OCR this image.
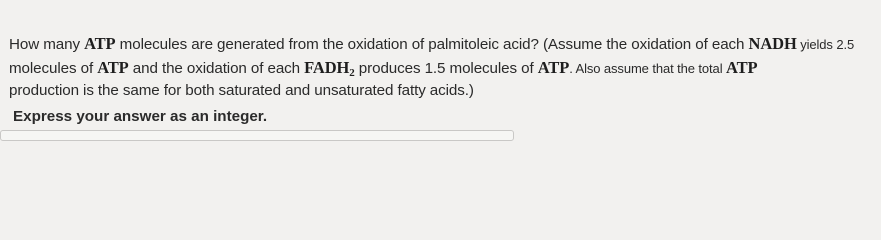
How many ATP molecules are generated from the oxidation of palmitoleic acid? (Assume the oxidation of each NADH yields 2.5
molecules of ATP and the oxidation of each $FADH_2$ produces 1.5 molecules of ATP. Also assume that the total ATP
production is the same for both saturated and unsaturated fatty acids.)
Express your answer as an integer.
